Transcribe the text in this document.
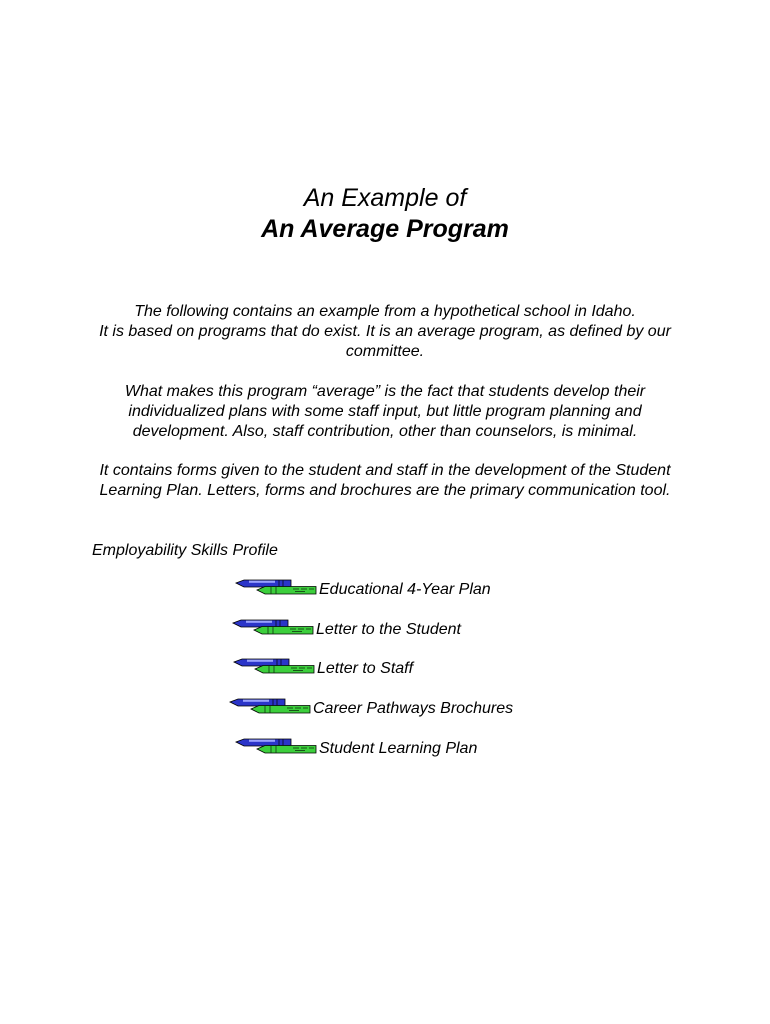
An Example of
An Average Program

The following contains an example from a hypothetical school in Idaho.
It is based on programs that do exist. It is an average program, as defined by our
committee.

What makes this program “average” is the fact that students develop their
individualized plans with some staff input, but little program planning and
development. Also, staff contribution, other than counselors, is minimal.

It contains forms given to the student and staff in the development of the Student
Learning Plan. Letters, forms and brochures are the primary communication tool.

Employability Skills Profile
Educational 4-Year Plan
Letter to the Student
Letter to Staff
Career Pathways Brochures
Student Learning Plan
